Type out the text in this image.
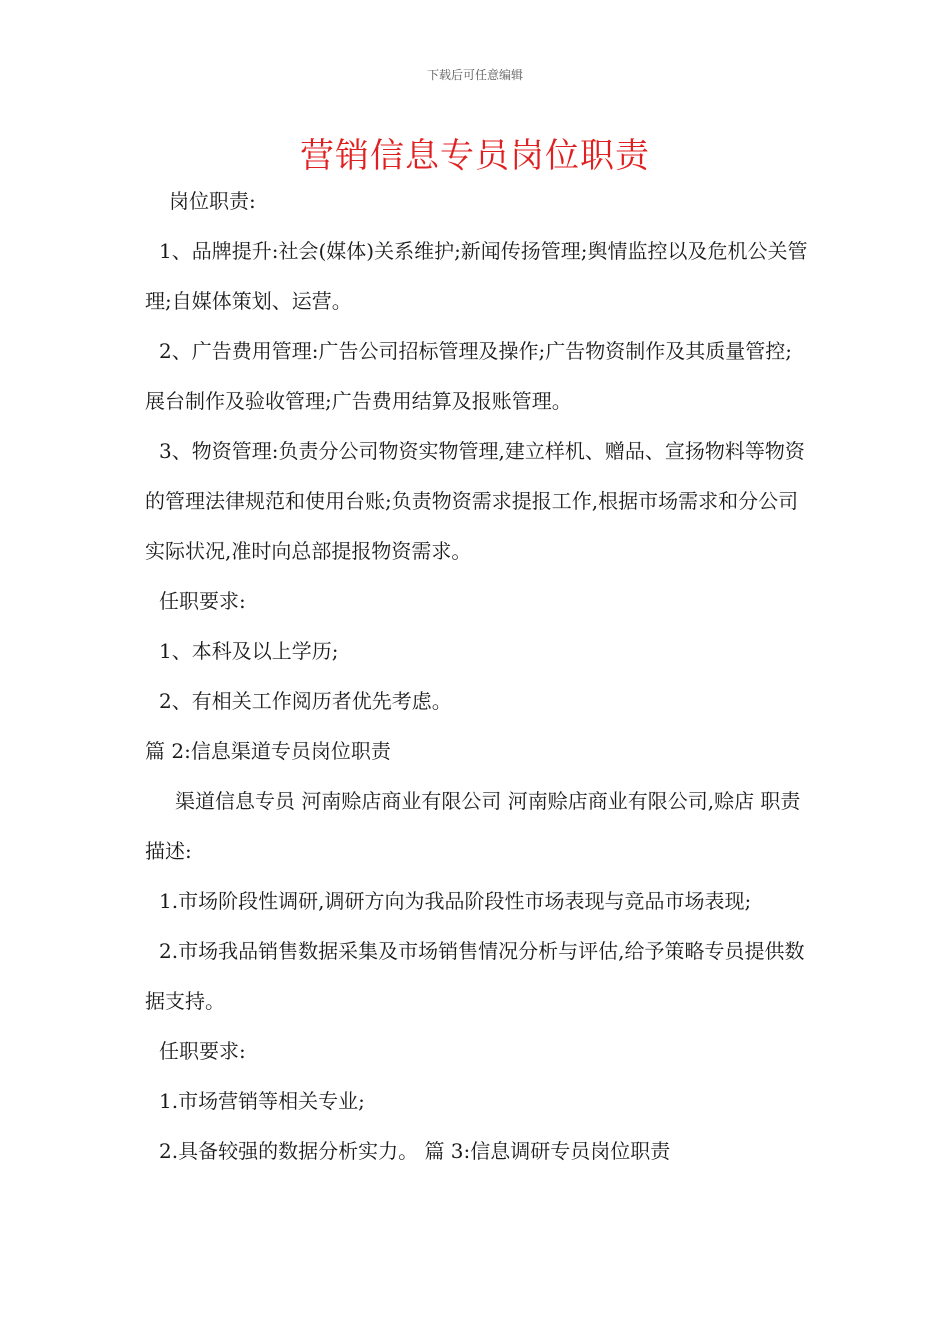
下载后可任意编辑
营销信息专员岗位职责

岗位职责:

1、品牌提升:社会(媒体)关系维护;新闻传扬管理;舆情监控以及危机公关管理;自媒体策划、运营。

2、广告费用管理:广告公司招标管理及操作;广告物资制作及其质量管控;展台制作及验收管理;广告费用结算及报账管理。

3、物资管理:负责分公司物资实物管理,建立样机、赠品、宣扬物料等物资的管理法律规范和使用台账;负责物资需求提报工作,根据市场需求和分公司实际状况,准时向总部提报物资需求。

任职要求:

1、本科及以上学历;

2、有相关工作阅历者优先考虑。

篇 2:信息渠道专员岗位职责

渠道信息专员 河南赊店商业有限公司 河南赊店商业有限公司,赊店 职责描述:

1.市场阶段性调研,调研方向为我品阶段性市场表现与竞品市场表现;

2.市场我品销售数据采集及市场销售情况分析与评估,给予策略专员提供数据支持。

任职要求:

1.市场营销等相关专业;

2.具备较强的数据分析实力。 篇 3:信息调研专员岗位职责
